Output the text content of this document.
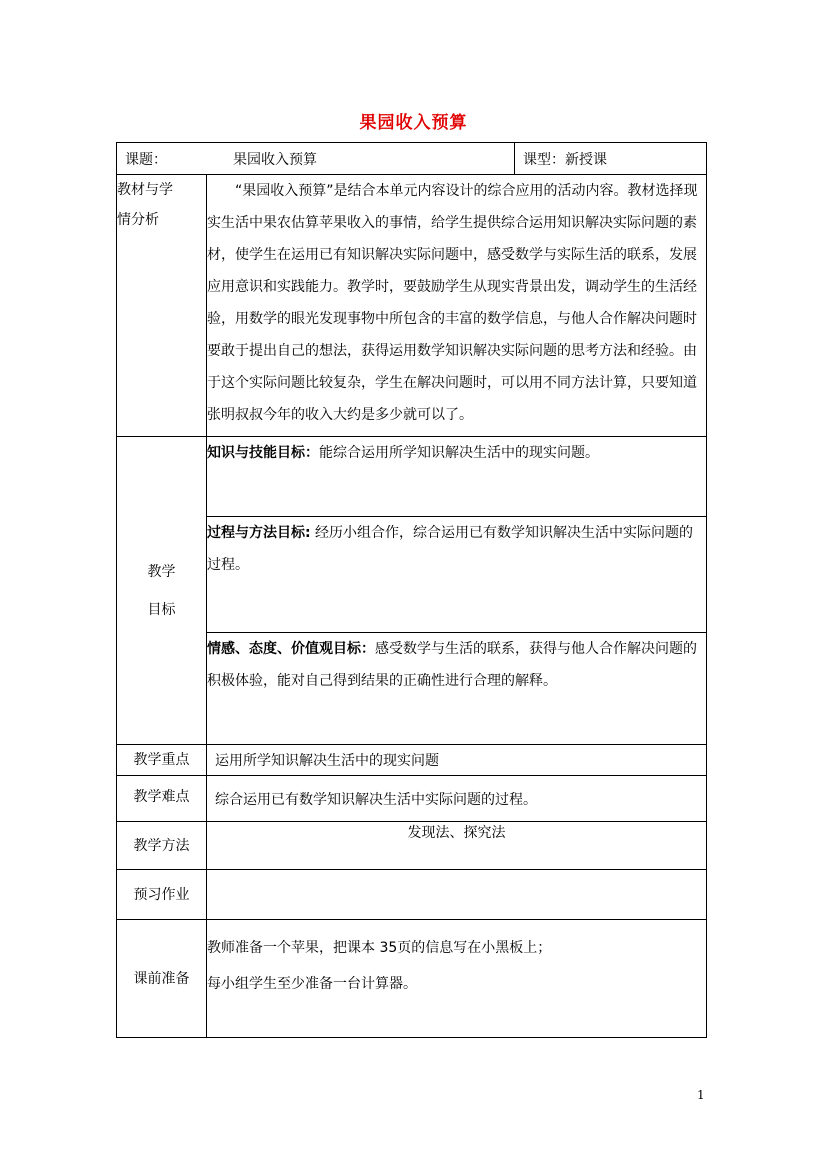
果园收入预算
课题： 果园收入预算		课型：新授课

教材与学
情分析	“果园收入预算”是结合本单元内容设计的综合应用的活动内容。教材选择现实生活中果农估算苹果收入的事情，给学生提供综合运用知识解决实际问题的素材，使学生在运用已有知识解决实际问题中，感受数学与实际生活的联系，发展应用意识和实践能力。教学时，要鼓励学生从现实背景出发，调动学生的生活经验，用数学的眼光发现事物中所包含的丰富的数学信息，与他人合作解决问题时要敢于提出自己的想法，获得运用数学知识解决实际问题的思考方法和经验。由于这个实际问题比较复杂，学生在解决问题时，可以用不同方法计算，只要知道张明叔叔今年的收入大约是多少就可以了。	

教学
目标	知识与技能目标：能综合运用所学知识解决生活中的现实问题。	
	过程与方法目标: 经历小组合作，综合运用已有数学知识解决生活中实际问题的过程。	
	情感、态度、价值观目标：感受数学与生活的联系，获得与他人合作解决问题的积极体验，能对自己得到结果的正确性进行合理的解释。	
教学重点	运用所学知识解决生活中的现实问题	
教学难点	综合运用已有数学知识解决生活中实际问题的过程。	
教学方法	发现法、探究法	
预习作业		
课前准备	教师准备一个苹果，把课本 35页的信息写在小黑板上；
每小组学生至少准备一台计算器。	
1
